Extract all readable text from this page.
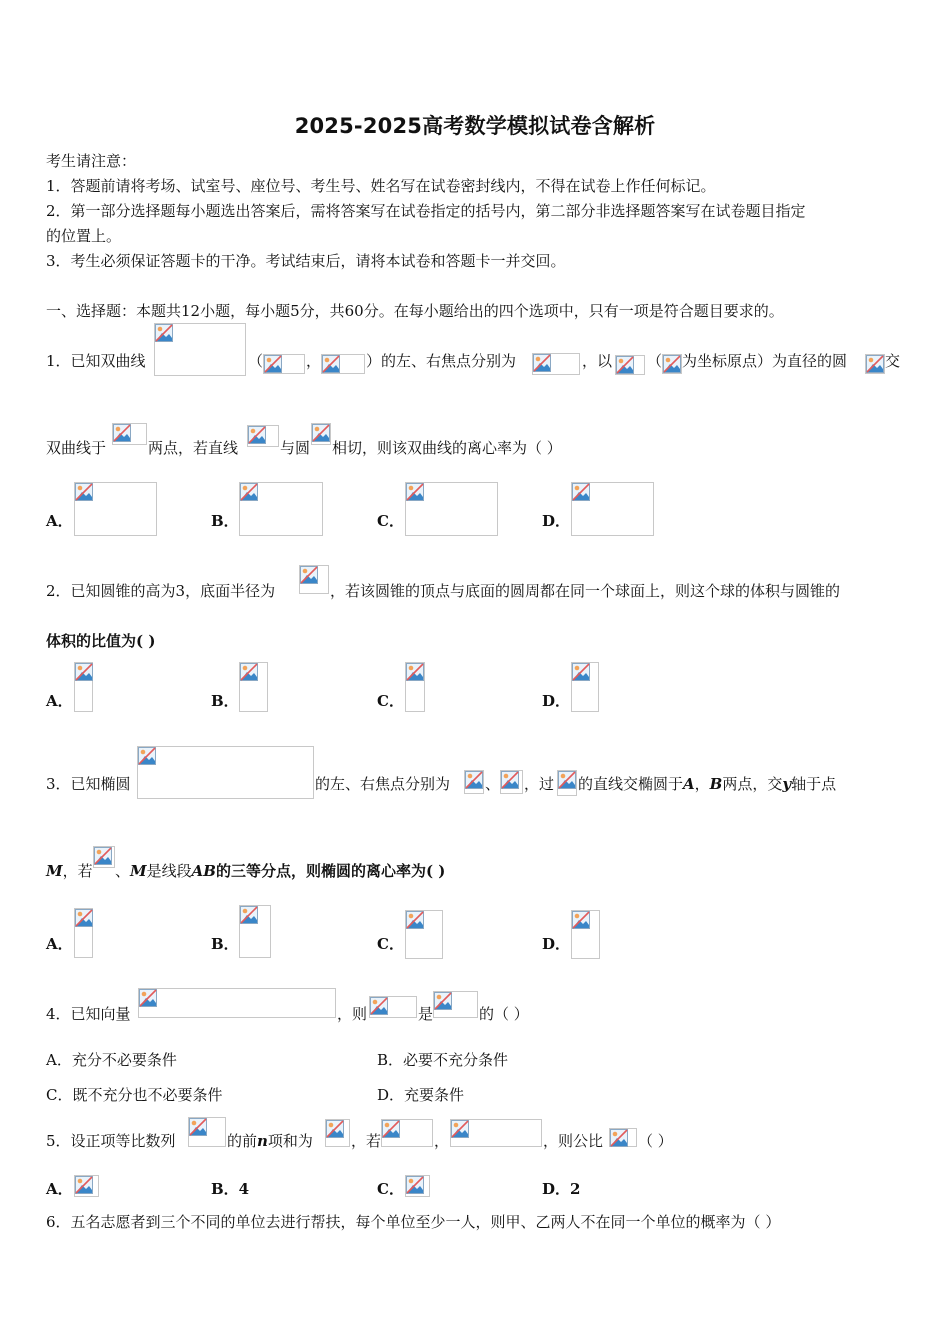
2025-2025高考数学模拟试卷含解析
考生请注意：
1．答题前请将考场、试室号、座位号、考生号、姓名写在试卷密封线内，不得在试卷上作任何标记。
2．第一部分选择题每小题选出答案后，需将答案写在试卷指定的括号内，第二部分非选择题答案写在试卷题目指定
的位置上。
3．考生必须保证答题卡的干净。考试结束后，请将本试卷和答题卡一并交回。
一、选择题：本题共12小题，每小题5分，共60分。在每小题给出的四个选项中，只有一项是符合题目要求的。
1．已知双曲线	（	，	）的左、右焦点分别为	，以 （ 为坐标原点）为直径的圆	交
双曲线于	两点，若直线	与圆 相切，则该双曲线的离心率为（ ）
A．	B．	C．	D．
2．已知圆锥的高为3，底面半径为	，若该圆锥的顶点与底面的圆周都在同一个球面上，则这个球的体积与圆锥的
体积的比值为( )
A．	B．	C．	D．
3．已知椭圆	的左、右焦点分别为 、 ，过 的直线交椭圆于A，B两点，交y轴于点
M，若 、M是线段AB的三等分点，则椭圆的离心率为( )
A．	B．	C．	D．
4．已知向量	，则	是	的（ ）
A．充分不必要条件	B．必要不充分条件
C．既不充分也不必要条件	D．充要条件
5．设正项等比数列	的前n项和为	，若	，	，则公比 （ ）
A．	B．4	C．	D．2
6．五名志愿者到三个不同的单位去进行帮扶，每个单位至少一人，则甲、乙两人不在同一个单位的概率为（ ）
